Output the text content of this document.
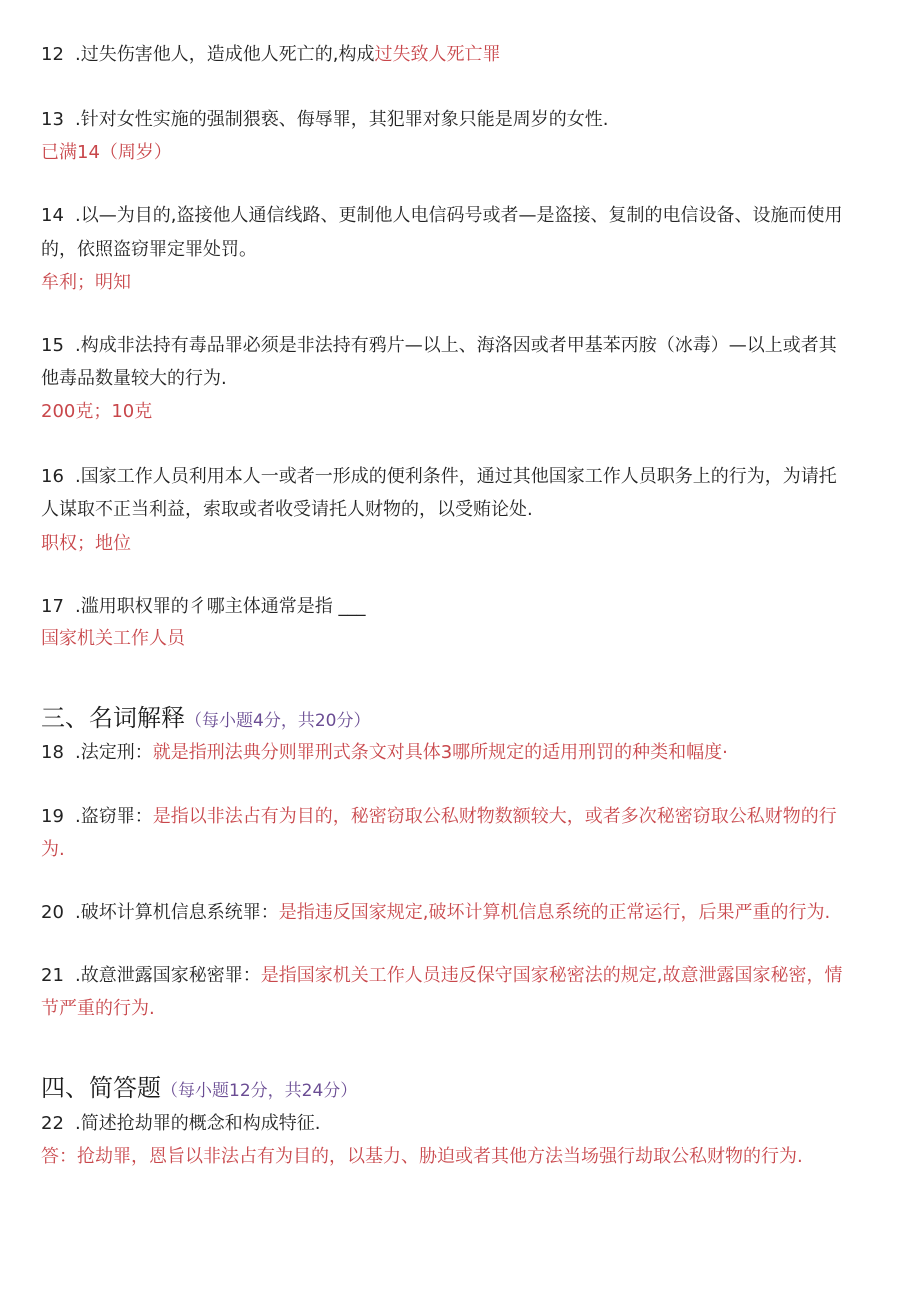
12 .过失伤害他人，造成他人死亡的,构成过失致人死亡罪
13 .针对女性实施的强制猥亵、侮辱罪，其犯罪对象只能是周岁的女性.
已满14（周岁）
14 .以—为目的,盗接他人通信线路、更制他人电信码号或者—是盗接、复制的电信设备、设施而使用
的，依照盗窃罪定罪处罚。
牟利；明知
15 .构成非法持有毒品罪必须是非法持有鸦片—以上、海洛因或者甲基苯丙胺（冰毒）—以上或者其
他毒品数量较大的行为.
200克；10克
16 .国家工作人员利用本人一或者一形成的便利条件，通过其他国家工作人员职务上的行为，为请托
人谋取不正当利益，索取或者收受请托人财物的，以受贿论处.
职权；地位
17 .滥用职权罪的彳哪主体通常是指 ___
国家机关工作人员
三、名词解释（每小题4分，共20分）
18 .法定刑：就是指刑法典分则罪刑式条文对具体3哪所规定的适用刑罚的种类和幅度·
19 .盗窃罪：是指以非法占有为目的，秘密窃取公私财物数额较大，或者多次秘密窃取公私财物的行
为.
20 .破坏计算机信息系统罪：是指违反国家规定,破坏计算机信息系统的正常运行，后果严重的行为.
21 .故意泄露国家秘密罪：是指国家机关工作人员违反保守国家秘密法的规定,故意泄露国家秘密，情
节严重的行为.
四、简答题（每小题12分，共24分）
22 .简述抢劫罪的概念和构成特征.
答：抢劫罪，恩旨以非法占有为目的，以基力、胁迫或者其他方法当场强行劫取公私财物的行为.
